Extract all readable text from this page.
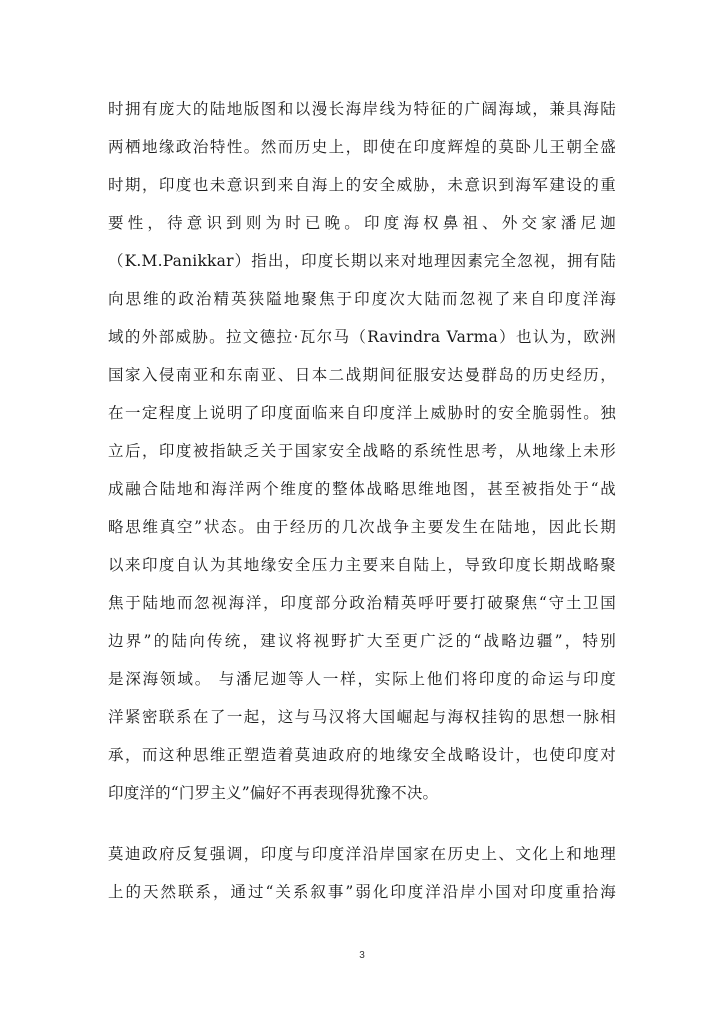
时拥有庞大的陆地版图和以漫长海岸线为特征的广阔海域，兼具海陆
两栖地缘政治特性。然而历史上，即使在印度辉煌的莫卧儿王朝全盛
时期，印度也未意识到来自海上的安全威胁，未意识到海军建设的重
要性，待意识到则为时已晚。印度海权鼻祖、外交家潘尼迦
（K.M.Panikkar）指出，印度长期以来对地理因素完全忽视，拥有陆
向思维的政治精英狭隘地聚焦于印度次大陆而忽视了来自印度洋海
域的外部威胁。拉文德拉·瓦尔马（Ravindra Varma）也认为，欧洲
国家入侵南亚和东南亚、日本二战期间征服安达曼群岛的历史经历，
在一定程度上说明了印度面临来自印度洋上威胁时的安全脆弱性。独
立后，印度被指缺乏关于国家安全战略的系统性思考，从地缘上未形
成融合陆地和海洋两个维度的整体战略思维地图，甚至被指处于“战
略思维真空”状态。由于经历的几次战争主要发生在陆地，因此长期
以来印度自认为其地缘安全压力主要来自陆上，导致印度长期战略聚
焦于陆地而忽视海洋，印度部分政治精英呼吁要打破聚焦“守土卫国
边界”的陆向传统，建议将视野扩大至更广泛的“战略边疆”，特别
是深海领域。 与潘尼迦等人一样，实际上他们将印度的命运与印度
洋紧密联系在了一起，这与马汉将大国崛起与海权挂钩的思想一脉相
承，而这种思维正塑造着莫迪政府的地缘安全战略设计，也使印度对
印度洋的“门罗主义”偏好不再表现得犹豫不决。
莫迪政府反复强调，印度与印度洋沿岸国家在历史上、文化上和地理
上的天然联系，通过“关系叙事”弱化印度洋沿岸小国对印度重拾海
3
